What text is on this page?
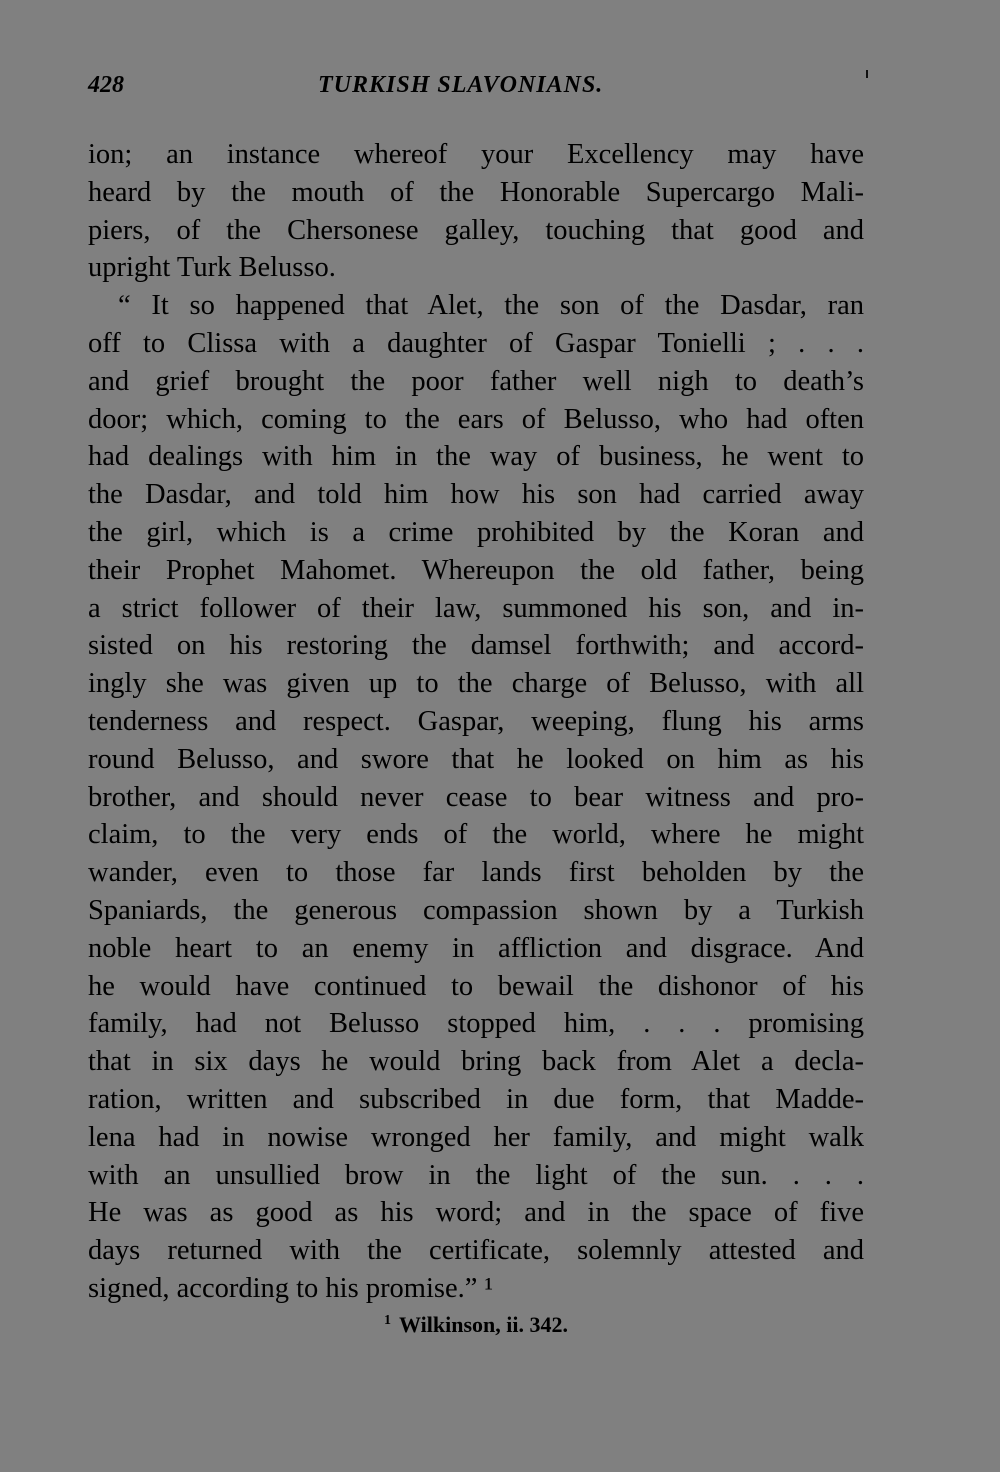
428	TURKISH SLAVONIANS.
ion; an instance whereof your Excellency may have
heard by the mouth of the Honorable Supercargo Mali-
piers, of the Chersonese galley, touching that good and
upright Turk Belusso.
“ It so happened that Alet, the son of the Dasdar, ran
off to Clissa with a daughter of Gaspar Tonielli ; . . .
and grief brought the poor father well nigh to death’s
door; which, coming to the ears of Belusso, who had often
had dealings with him in the way of business, he went to
the Dasdar, and told him how his son had carried away
the girl, which is a crime prohibited by the Koran and
their Prophet Mahomet. Whereupon the old father, being
a strict follower of their law, summoned his son, and in-
sisted on his restoring the damsel forthwith; and accord-
ingly she was given up to the charge of Belusso, with all
tenderness and respect. Gaspar, weeping, flung his arms
round Belusso, and swore that he looked on him as his
brother, and should never cease to bear witness and pro-
claim, to the very ends of the world, where he might
wander, even to those far lands first beholden by the
Spaniards, the generous compassion shown by a Turkish
noble heart to an enemy in affliction and disgrace. And
he would have continued to bewail the dishonor of his
family, had not Belusso stopped him, . . . promising
that in six days he would bring back from Alet a decla-
ration, written and subscribed in due form, that Madde-
lena had in nowise wronged her family, and might walk
with an unsullied brow in the light of the sun. . . .
He was as good as his word; and in the space of five
days returned with the certificate, solemnly attested and
signed, according to his promise.” ¹
$^1$ Wilkinson, ii. 342.
